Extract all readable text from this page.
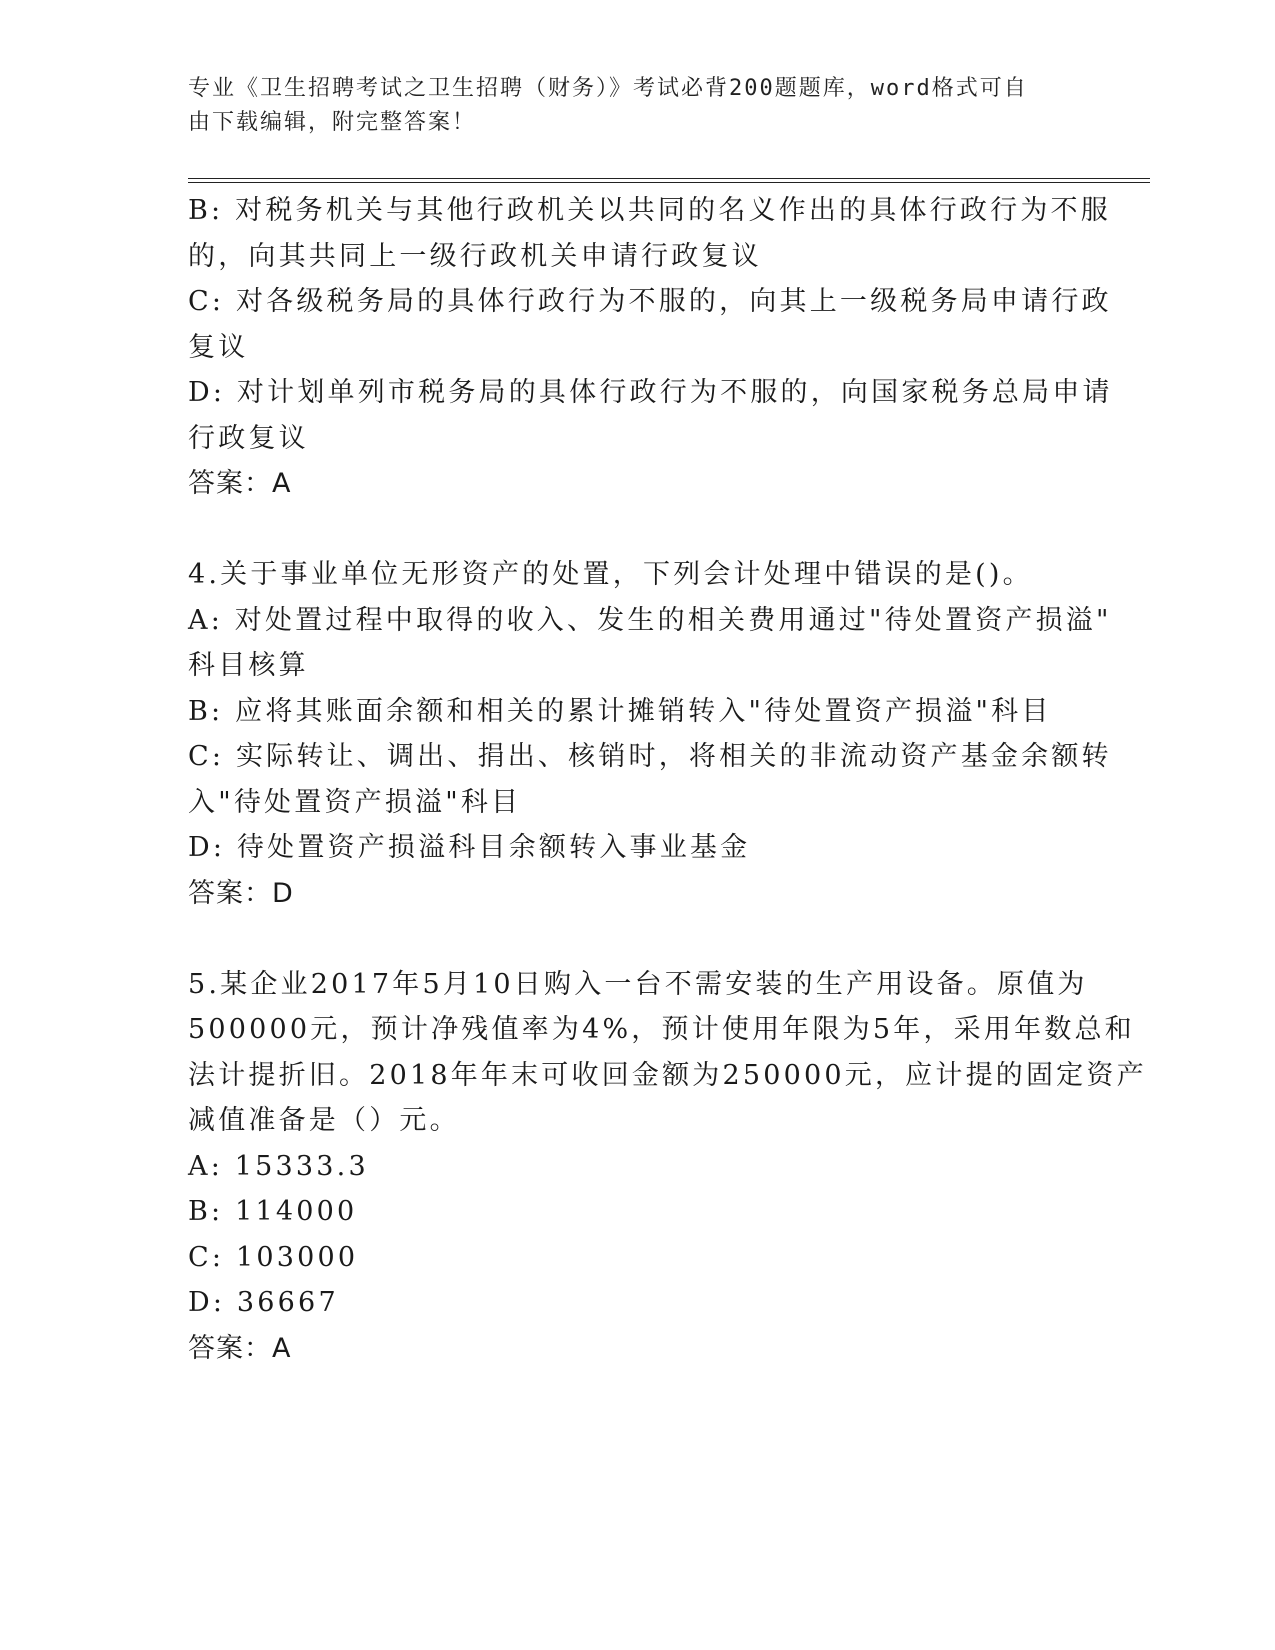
专业《卫生招聘考试之卫生招聘（财务）》考试必背200题题库，word格式可自
由下载编辑，附完整答案！
B: 对税务机关与其他行政机关以共同的名义作出的具体行政行为不服
的，向其共同上一级行政机关申请行政复议
C: 对各级税务局的具体行政行为不服的，向其上一级税务局申请行政
复议
D: 对计划单列市税务局的具体行政行为不服的，向国家税务总局申请
行政复议
答案：A
4.关于事业单位无形资产的处置，下列会计处理中错误的是()。
A: 对处置过程中取得的收入、发生的相关费用通过"待处置资产损溢"
科目核算
B: 应将其账面余额和相关的累计摊销转入"待处置资产损溢"科目
C: 实际转让、调出、捐出、核销时，将相关的非流动资产基金余额转
入"待处置资产损溢"科目
D: 待处置资产损溢科目余额转入事业基金
答案：D
5.某企业2017年5月10日购入一台不需安装的生产用设备。原值为
500000元，预计净残值率为4%，预计使用年限为5年，采用年数总和
法计提折旧。2018年年末可收回金额为250000元，应计提的固定资产
减值准备是（）元。
A: 15333.3
B: 114000
C: 103000
D: 36667
答案：A
